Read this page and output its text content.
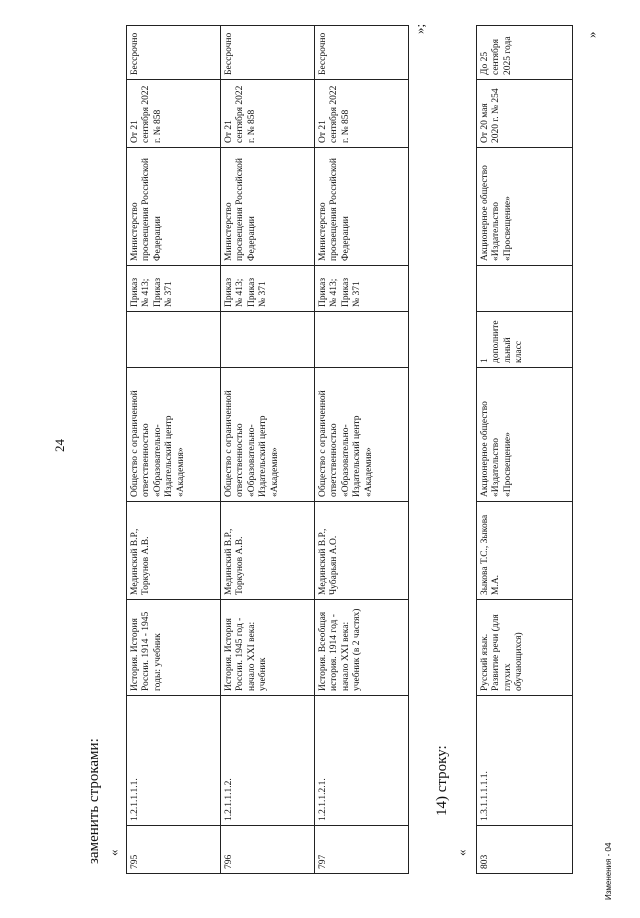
24
заменить строками: «
795	1.2.1.1.1.1.	История. История России. 1914 - 1945 годы: учебник	Мединский В.Р., Торкунов А.В.	Общество с ограниченной ответственностью «Образовательно-Издательский центр «Академия»		Приказ № 413; Приказ № 371	Министерство просвещения Российской Федерации	От 21 сентября 2022 г. № 858	Бессрочно
796	1.2.1.1.1.2.	История. История России. 1945 год - начало XXI века: учебник	Мединский В.Р., Торкунов А.В.	Общество с ограниченной ответственностью «Образовательно-Издательский центр «Академия»		Приказ № 413; Приказ № 371	Министерство просвещения Российской Федерации	От 21 сентября 2022 г. № 858	Бессрочно
797	1.2.1.1.2.1.	История. Всеобщая история. 1914 год - начало XXI века: учебник (в 2 частях)	Мединский В.Р., Чубарьян А.О.	Общество с ограниченной ответственностью «Образовательно-Издательский центр «Академия»		Приказ № 413; Приказ № 371	Министерство просвещения Российской Федерации	От 21 сентября 2022 г. № 858	Бессрочно
»;
14) строку:
«
803	1.3.1.1.1.1.1.	Русский язык. Развитие речи (для глухих обучающихся)	Зыкова Т.С., Зыкова М.А.	Акционерное общество «Издательство «Просвещение»	1 дополнительный класс		Акционерное общество «Издательство «Просвещение»	От 20 мая 2020 г. № 254	До 25 сентября 2025 года
»
Изменения - 04
